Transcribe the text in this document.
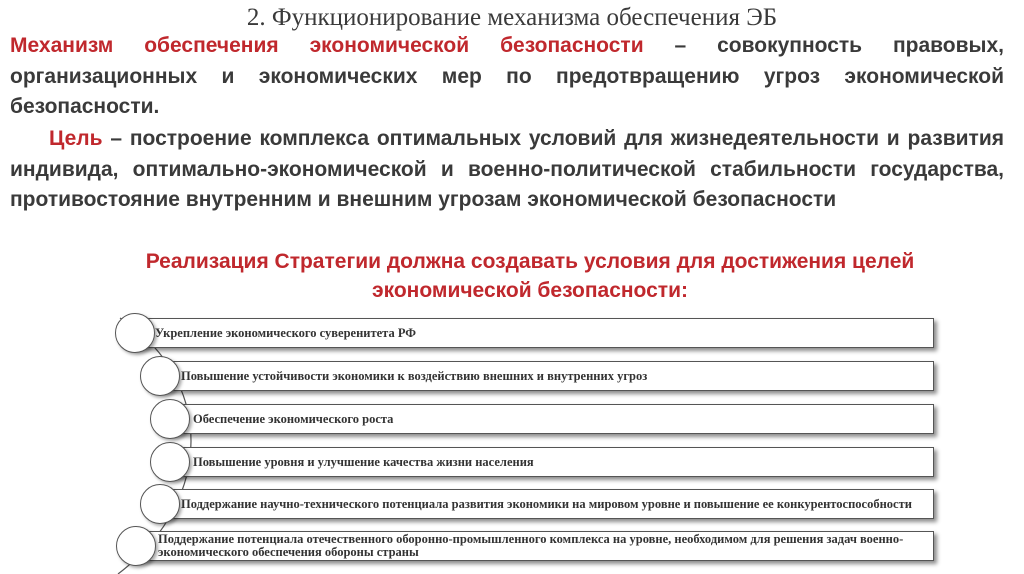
2. Функционирование механизма обеспечения ЭБ
Механизм обеспечения экономической безопасности – совокупность правовых, организационных и экономических мер по предотвращению угроз экономической безопасности.
Цель – построение комплекса оптимальных условий для жизнедеятельности и развития индивида, оптимально-экономической и военно-политической стабильности государства, противостояние внутренним и внешним угрозам экономической безопасности
Реализация Стратегии должна создавать условия для достижения целей экономической безопасности:
Укрепление экономического суверенитета РФ
Повышение устойчивости экономики к воздействию внешних и внутренних угроз
Обеспечение экономического роста
Повышение уровня и улучшение качества жизни населения
Поддержание научно-технического потенциала развития экономики на мировом уровне и повышение ее конкурентоспособности
Поддержание потенциала отечественного оборонно-промышленного комплекса на уровне, необходимом для решения задач военно-экономического обеспечения обороны страны
